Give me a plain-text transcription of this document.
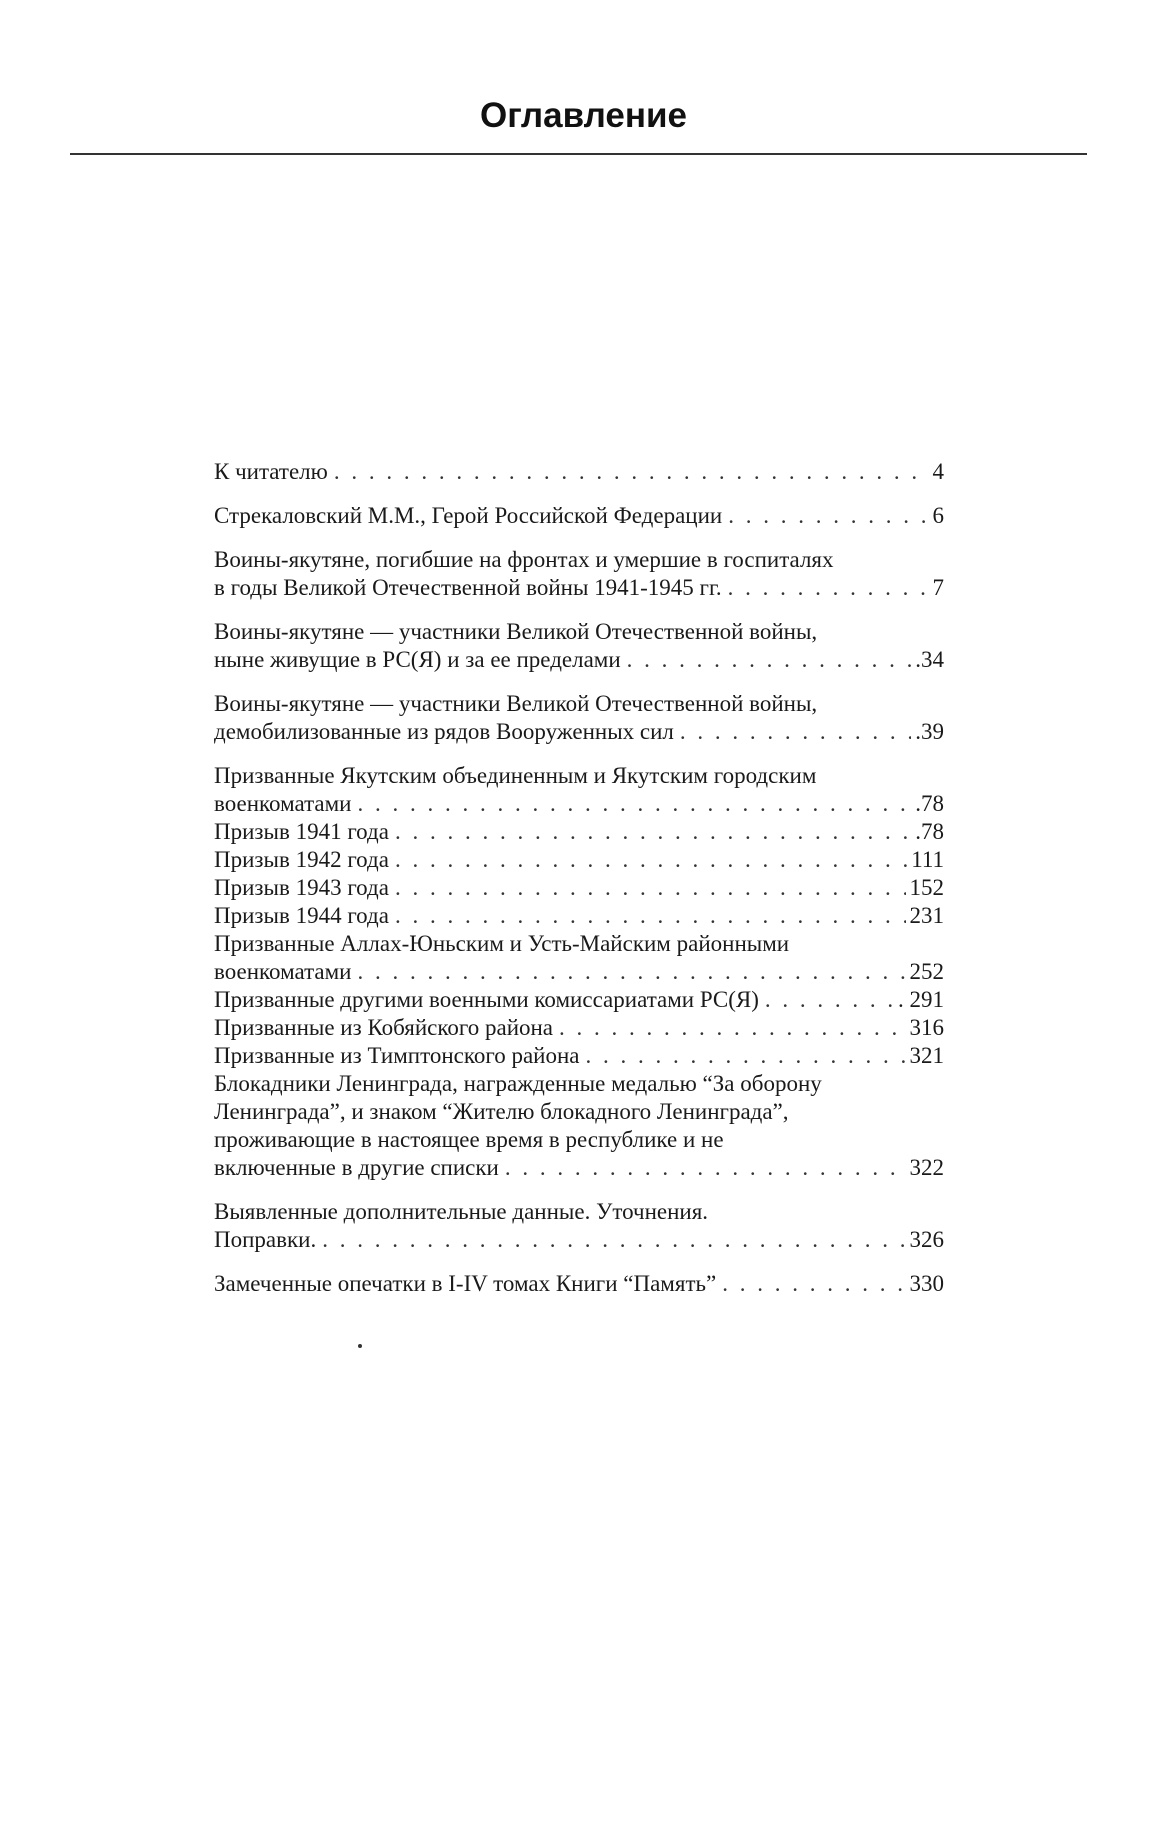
Оглавление
К читателю . . .	4
Стрекаловский М.М., Герой Российской Федерации . . .	6
Воины-якутяне, погибшие на фронтах и умершие в госпиталях
в годы Великой Отечественной войны 1941-1945 гг. . . .	7
Воины-якутяне — участники Великой Отечественной войны,
ныне живущие в РС(Я) и за ее пределами . . .	.34
Воины-якутяне — участники Великой Отечественной войны,
демобилизованные из рядов Вооруженных сил . . .	.39
Призванные Якутским объединенным и Якутским городским
военкоматами . . .	.78
Призыв 1941 года . . .	.78
Призыв 1942 года . . .	111
Призыв 1943 года . . .	152
Призыв 1944 года . . .	231
Призванные Аллах-Юньским и Усть-Майским районными
военкоматами . . .	252
Призванные другими военными комиссариатами РС(Я) . . .	. 291
Призванные из Кобяйского района . . .	316
Призванные из Тимптонского района . . .	321
Блокадники Ленинграда, награжденные медалью “За оборону
Ленинграда”, и знаком “Жителю блокадного Ленинграда”,
проживающие в настоящее время в республике и не
включенные в другие списки . . .	322
Выявленные дополнительные данные. Уточнения.
Поправки. . . .	326
Замеченные опечатки в I-IV томах Книги “Память” . . .	330
